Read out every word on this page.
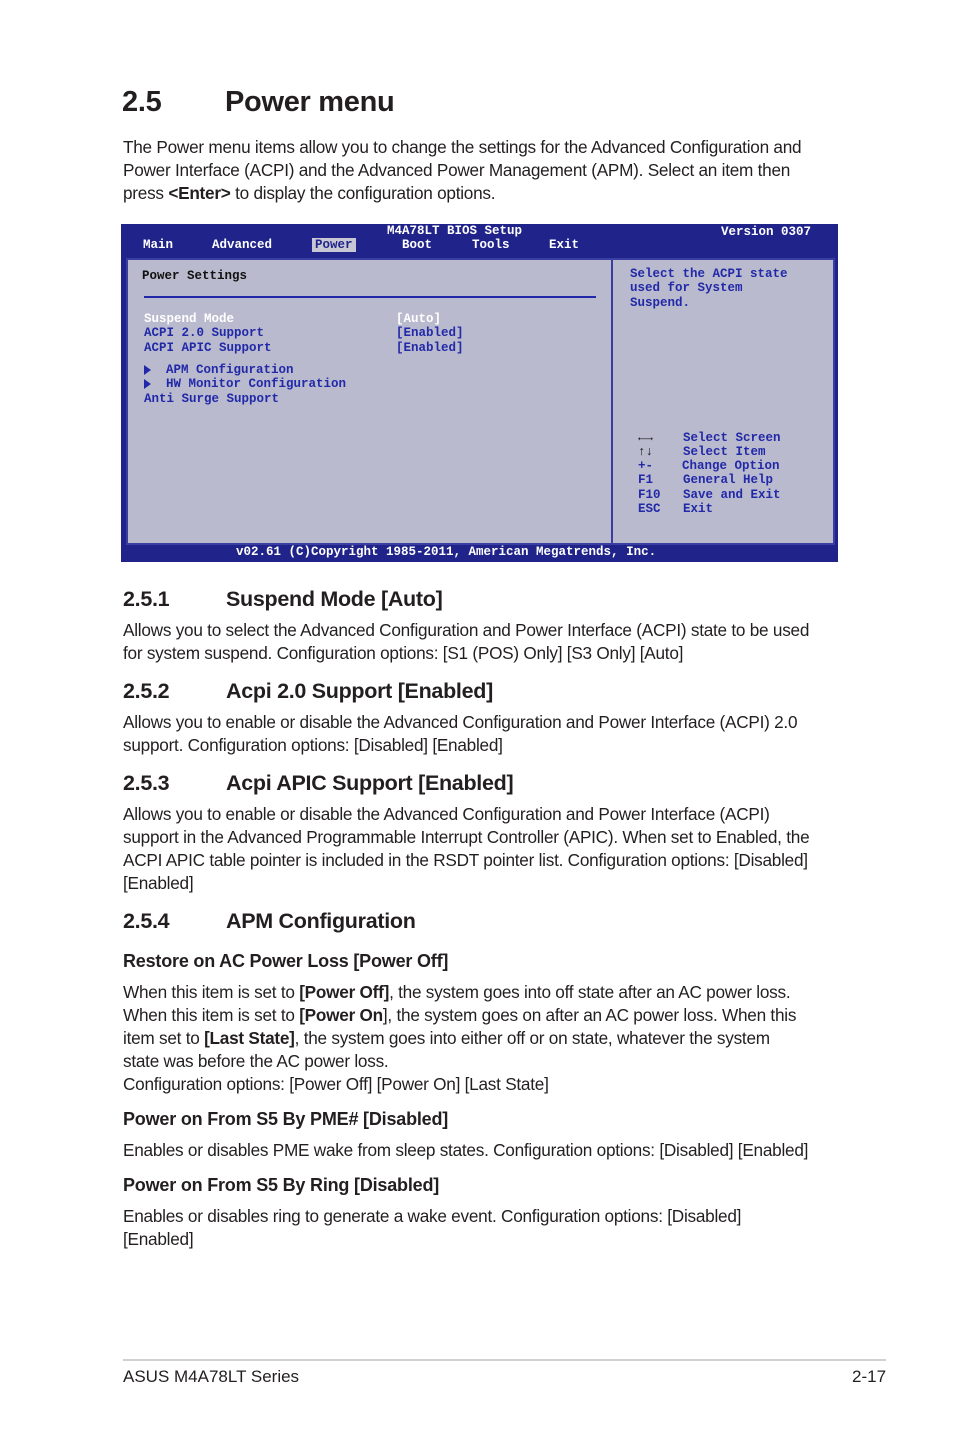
2.5 Power menu
The Power menu items allow you to change the settings for the Advanced Configuration and
Power Interface (ACPI) and the Advanced Power Management (APM). Select an item then
press <Enter> to display the configuration options.
M4A78LT BIOS Setup	Version 0307
Main	Advanced	Power	Boot	Tools	Exit
Power Settings
Suspend Mode	[Auto]
ACPI 2.0 Support	[Enabled]
ACPI APIC Support	[Enabled]
APM Configuration
HW Monitor Configuration
Anti Surge Support
Select the ACPI state
used for System
Suspend.
←→ Select Screen
↑↓ Select Item
+- Change Option
F1 General Help
F10 Save and Exit
ESC Exit
v02.61 (C)Copyright 1985-2011, American Megatrends, Inc.
2.5.1	Suspend Mode [Auto]
Allows you to select the Advanced Configuration and Power Interface (ACPI) state to be used
for system suspend. Configuration options: [S1 (POS) Only] [S3 Only] [Auto]
2.5.2	Acpi 2.0 Support [Enabled]
Allows you to enable or disable the Advanced Configuration and Power Interface (ACPI) 2.0
support. Configuration options: [Disabled] [Enabled]
2.5.3	Acpi APIC Support [Enabled]
Allows you to enable or disable the Advanced Configuration and Power Interface (ACPI)
support in the Advanced Programmable Interrupt Controller (APIC). When set to Enabled, the
ACPI APIC table pointer is included in the RSDT pointer list. Configuration options: [Disabled]
[Enabled]
2.5.4	APM Configuration
Restore on AC Power Loss [Power Off]
When this item is set to [Power Off], the system goes into off state after an AC power loss.
When this item is set to [Power On], the system goes on after an AC power loss. When this
item set to [Last State], the system goes into either off or on state, whatever the system
state was before the AC power loss.
Configuration options: [Power Off] [Power On] [Last State]
Power on From S5 By PME# [Disabled]
Enables or disables PME wake from sleep states. Configuration options: [Disabled] [Enabled]
Power on From S5 By Ring [Disabled]
Enables or disables ring to generate a wake event. Configuration options: [Disabled]
[Enabled]
ASUS M4A78LT Series	2-17
